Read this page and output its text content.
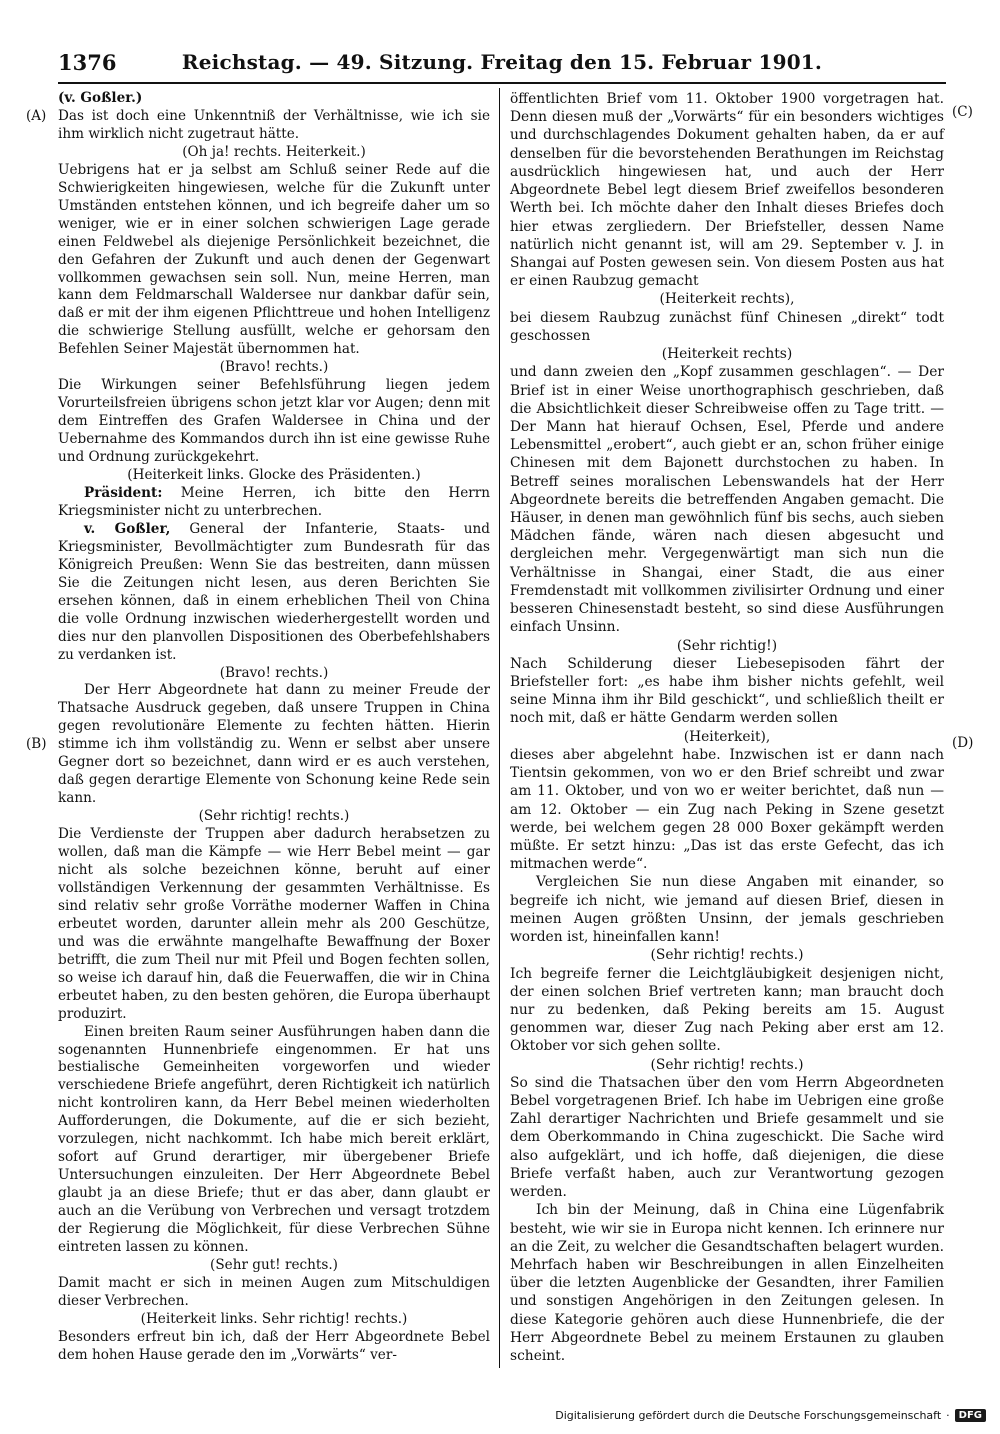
1376	Reichstag. — 49. Sitzung. Freitag den 15. Februar 1901.
(A)
(B)
(C)
(D)

(v. Goßler.)

Das ist doch eine Unkenntniß der Verhältnisse, wie ich sie ihm wirklich nicht zugetraut hätte.

(Oh ja! rechts. Heiterkeit.)

Uebrigens hat er ja selbst am Schluß seiner Rede auf die Schwierigkeiten hingewiesen, welche für die Zukunft unter Umständen entstehen können, und ich begreife daher um so weniger, wie er in einer solchen schwierigen Lage gerade einen Feldwebel als diejenige Persönlichkeit bezeichnet, die den Gefahren der Zukunft und auch denen der Gegenwart vollkommen gewachsen sein soll. Nun, meine Herren, man kann dem Feldmarschall Waldersee nur dankbar dafür sein, daß er mit der ihm eigenen Pflichttreue und hohen Intelligenz die schwierige Stellung ausfüllt, welche er gehorsam den Befehlen Seiner Majestät übernommen hat.

(Bravo! rechts.)

Die Wirkungen seiner Befehlsführung liegen jedem Vorurteilsfreien übrigens schon jetzt klar vor Augen; denn mit dem Eintreffen des Grafen Waldersee in China und der Uebernahme des Kommandos durch ihn ist eine gewisse Ruhe und Ordnung zurückgekehrt.

(Heiterkeit links. Glocke des Präsidenten.)

Präsident: Meine Herren, ich bitte den Herrn Kriegsminister nicht zu unterbrechen.

v. Goßler, General der Infanterie, Staats- und Kriegsminister, Bevollmächtigter zum Bundesrath für das Königreich Preußen: Wenn Sie das bestreiten, dann müssen Sie die Zeitungen nicht lesen, aus deren Berichten Sie ersehen können, daß in einem erheblichen Theil von China die volle Ordnung inzwischen wiederhergestellt worden und dies nur den planvollen Dispositionen des Oberbefehlshabers zu verdanken ist.

(Bravo! rechts.)

Der Herr Abgeordnete hat dann zu meiner Freude der Thatsache Ausdruck gegeben, daß unsere Truppen in China gegen revolutionäre Elemente zu fechten hätten. Hierin stimme ich ihm vollständig zu. Wenn er selbst aber unsere Gegner dort so bezeichnet, dann wird er es auch verstehen, daß gegen derartige Elemente von Schonung keine Rede sein kann.

(Sehr richtig! rechts.)

Die Verdienste der Truppen aber dadurch herabsetzen zu wollen, daß man die Kämpfe — wie Herr Bebel meint — gar nicht als solche bezeichnen könne, beruht auf einer vollständigen Verkennung der gesammten Verhältnisse. Es sind relativ sehr große Vorräthe moderner Waffen in China erbeutet worden, darunter allein mehr als 200 Geschütze, und was die erwähnte mangelhafte Bewaffnung der Boxer betrifft, die zum Theil nur mit Pfeil und Bogen fechten sollen, so weise ich darauf hin, daß die Feuerwaffen, die wir in China erbeutet haben, zu den besten gehören, die Europa überhaupt produzirt.

Einen breiten Raum seiner Ausführungen haben dann die sogenannten Hunnenbriefe eingenommen. Er hat uns bestialische Gemeinheiten vorgeworfen und wieder verschiedene Briefe angeführt, deren Richtigkeit ich natürlich nicht kontroliren kann, da Herr Bebel meinen wiederholten Aufforderungen, die Dokumente, auf die er sich bezieht, vorzulegen, nicht nachkommt. Ich habe mich bereit erklärt, sofort auf Grund derartiger, mir übergebener Briefe Untersuchungen einzuleiten. Der Herr Abgeordnete Bebel glaubt ja an diese Briefe; thut er das aber, dann glaubt er auch an die Verübung von Verbrechen und versagt trotzdem der Regierung die Möglichkeit, für diese Verbrechen Sühne eintreten lassen zu können.

(Sehr gut! rechts.)

Damit macht er sich in meinen Augen zum Mitschuldigen dieser Verbrechen.

(Heiterkeit links. Sehr richtig! rechts.)

Besonders erfreut bin ich, daß der Herr Abgeordnete Bebel dem hohen Hause gerade den im „Vorwärts“ ver-

öffentlichten Brief vom 11. Oktober 1900 vorgetragen hat. Denn diesen muß der „Vorwärts“ für ein besonders wichtiges und durchschlagendes Dokument gehalten haben, da er auf denselben für die bevorstehenden Berathungen im Reichstag ausdrücklich hingewiesen hat, und auch der Herr Abgeordnete Bebel legt diesem Brief zweifellos besonderen Werth bei. Ich möchte daher den Inhalt dieses Briefes doch hier etwas zergliedern. Der Briefsteller, dessen Name natürlich nicht genannt ist, will am 29. September v. J. in Shangai auf Posten gewesen sein. Von diesem Posten aus hat er einen Raubzug gemacht

(Heiterkeit rechts),

bei diesem Raubzug zunächst fünf Chinesen „direkt“ todt geschossen

(Heiterkeit rechts)

und dann zweien den „Kopf zusammen geschlagen“. — Der Brief ist in einer Weise unorthographisch geschrieben, daß die Absichtlichkeit dieser Schreibweise offen zu Tage tritt. — Der Mann hat hierauf Ochsen, Esel, Pferde und andere Lebensmittel „erobert“, auch giebt er an, schon früher einige Chinesen mit dem Bajonett durchstochen zu haben. In Betreff seines moralischen Lebenswandels hat der Herr Abgeordnete bereits die betreffenden Angaben gemacht. Die Häuser, in denen man gewöhnlich fünf bis sechs, auch sieben Mädchen fände, wären nach diesen abgesucht und dergleichen mehr. Vergegenwärtigt man sich nun die Verhältnisse in Shangai, einer Stadt, die aus einer Fremdenstadt mit vollkommen zivilisirter Ordnung und einer besseren Chinesenstadt besteht, so sind diese Ausführungen einfach Unsinn.

(Sehr richtig!)

Nach Schilderung dieser Liebesepisoden fährt der Briefsteller fort: „es habe ihm bisher nichts gefehlt, weil seine Minna ihm ihr Bild geschickt“, und schließlich theilt er noch mit, daß er hätte Gendarm werden sollen

(Heiterkeit),

dieses aber abgelehnt habe. Inzwischen ist er dann nach Tientsin gekommen, von wo er den Brief schreibt und zwar am 11. Oktober, und von wo er weiter berichtet, daß nun — am 12. Oktober — ein Zug nach Peking in Szene gesetzt werde, bei welchem gegen 28 000 Boxer gekämpft werden müßte. Er setzt hinzu: „Das ist das erste Gefecht, das ich mitmachen werde“.

Vergleichen Sie nun diese Angaben mit einander, so begreife ich nicht, wie jemand auf diesen Brief, diesen in meinen Augen größten Unsinn, der jemals geschrieben worden ist, hineinfallen kann!

(Sehr richtig! rechts.)

Ich begreife ferner die Leichtgläubigkeit desjenigen nicht, der einen solchen Brief vertreten kann; man braucht doch nur zu bedenken, daß Peking bereits am 15. August genommen war, dieser Zug nach Peking aber erst am 12. Oktober vor sich gehen sollte.

(Sehr richtig! rechts.)

So sind die Thatsachen über den vom Herrn Abgeordneten Bebel vorgetragenen Brief. Ich habe im Uebrigen eine große Zahl derartiger Nachrichten und Briefe gesammelt und sie dem Oberkommando in China zugeschickt. Die Sache wird also aufgeklärt, und ich hoffe, daß diejenigen, die diese Briefe verfaßt haben, auch zur Verantwortung gezogen werden.

Ich bin der Meinung, daß in China eine Lügenfabrik besteht, wie wir sie in Europa nicht kennen. Ich erinnere nur an die Zeit, zu welcher die Gesandtschaften belagert wurden. Mehrfach haben wir Beschreibungen in allen Einzelheiten über die letzten Augenblicke der Gesandten, ihrer Familien und sonstigen Angehörigen in den Zeitungen gelesen. In diese Kategorie gehören auch diese Hunnenbriefe, die der Herr Abgeordnete Bebel zu meinem Erstaunen zu glauben scheint.

Digitalisierung gefördert durch die Deutsche Forschungsgemeinschaft · DFG
